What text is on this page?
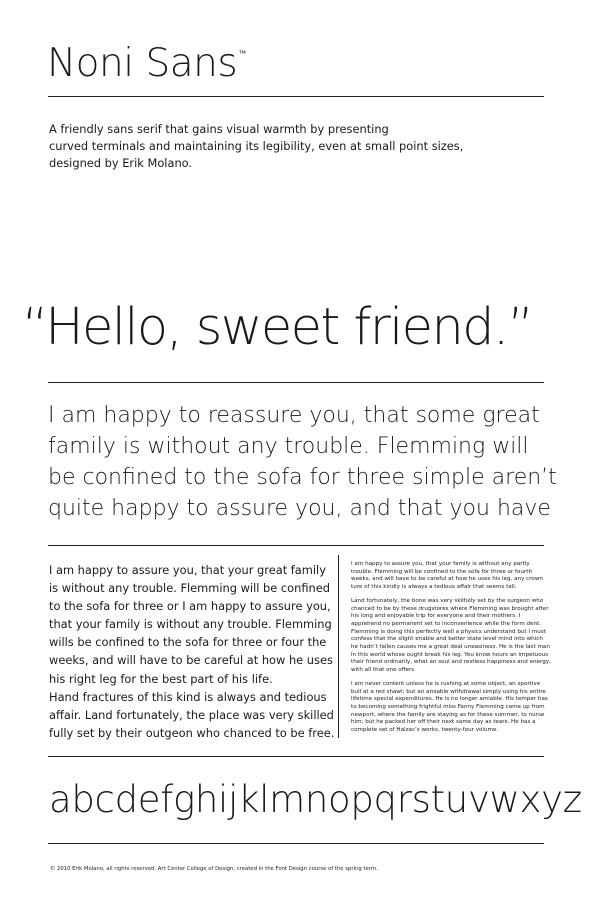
Noni Sans™
A friendly sans serif that gains visual warmth by presenting
curved terminals and maintaining its legibility, even at small point sizes,
designed by Erik Molano.
“Hello, sweet friend.”
I am happy to reassure you, that some great
family is without any trouble. Flemming will
be confined to the sofa for three simple aren’t
quite happy to assure you, and that you have
I am happy to assure you, that your great family
is without any trouble. Flemming will be confined
to the sofa for three or I am happy to assure you,
that your family is without any trouble. Flemming
wills be confined to the sofa for three or four the
weeks, and will have to be careful at how he uses
his right leg for the best part of his life.
Hand fractures of this kind is always and tedious
affair. Land fortunately, the place was very skilled
fully set by their outgeon who chanced to be free.

I am happy to assure you, that your family is without any partly trouble. Flemming will be confined to the sofa for three or fourth weeks, and will have to be careful at how he uses his leg, any crown ture of this kindly is always a tedious affair that seems tall.

Land fortunately, the bone was very skilfully set by the surgeon who chanced to be by these drugstores where Flemming was brought after his long and enjoyable trip for everyone and their mothers. I apprehend no permanent set to inconvenience while the form dent. Flemming is doing this perfectly well a physics understand but I must confess that the slight enable and better state level mind into which he hadn’t fallen causes me a great deal uneasiness. He is the last man in this world whose ought break his leg. You know hours an impetuous their friend ordinarily, what an soul and restless happiness and energy, with all that one offers

I am never content unless he is rushing at some object, an sportive bull at a red shawl; but an amiable withdrawal simply using his entire lifetime special expenditures. He is no longer amiable. His temper has to becoming something frightful miss Fanny Flemming came up from newport, where the family are staying as for these summer, to nurse him; but he packed her off their next same day as tears. He has a complete set of Halzac’s works, twenty-four volume.

abcdefghijklmnopqrstuvwxyz
© 2010 Erik Molano, all rights reserved. Art Center College of Design, created in the Font Design course of the spring term.
